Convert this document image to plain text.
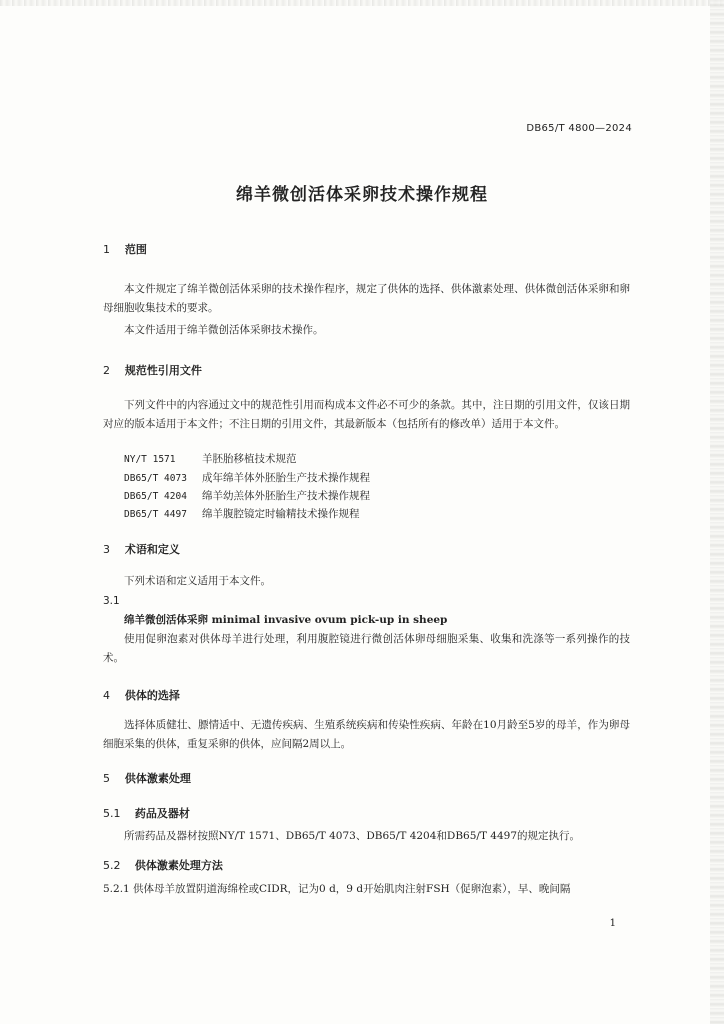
DB65/T 4800—2024
绵羊微创活体采卵技术操作规程
1 范围
本文件规定了绵羊微创活体采卵的技术操作程序，规定了供体的选择、供体激素处理、供体微创活体采卵和卵母细胞收集技术的要求。
本文件适用于绵羊微创活体采卵技术操作。
2 规范性引用文件
下列文件中的内容通过文中的规范性引用而构成本文件必不可少的条款。其中，注日期的引用文件，仅该日期对应的版本适用于本文件；不注日期的引用文件，其最新版本（包括所有的修改单）适用于本文件。
NY/T 1571	羊胚胎移植技术规范
DB65/T 4073 成年绵羊体外胚胎生产技术操作规程
DB65/T 4204 绵羊幼羔体外胚胎生产技术操作规程
DB65/T 4497 绵羊腹腔镜定时输精技术操作规程
3 术语和定义
下列术语和定义适用于本文件。
3.1
绵羊微创活体采卵 minimal invasive ovum pick-up in sheep
使用促卵泡素对供体母羊进行处理，利用腹腔镜进行微创活体卵母细胞采集、收集和洗涤等一系列操作的技术。
4 供体的选择
选择体质健壮、膘情适中、无遗传疾病、生殖系统疾病和传染性疾病、年龄在10月龄至5岁的母羊，作为卵母细胞采集的供体，重复采卵的供体，应间隔2周以上。
5 供体激素处理
5.1 药品及器材
所需药品及器材按照NY/T 1571、DB65/T 4073、DB65/T 4204和DB65/T 4497的规定执行。
5.2 供体激素处理方法
5.2.1 供体母羊放置阴道海绵栓或CIDR，记为0 d，9 d开始肌肉注射FSH（促卵泡素），早、晚间隔
1
